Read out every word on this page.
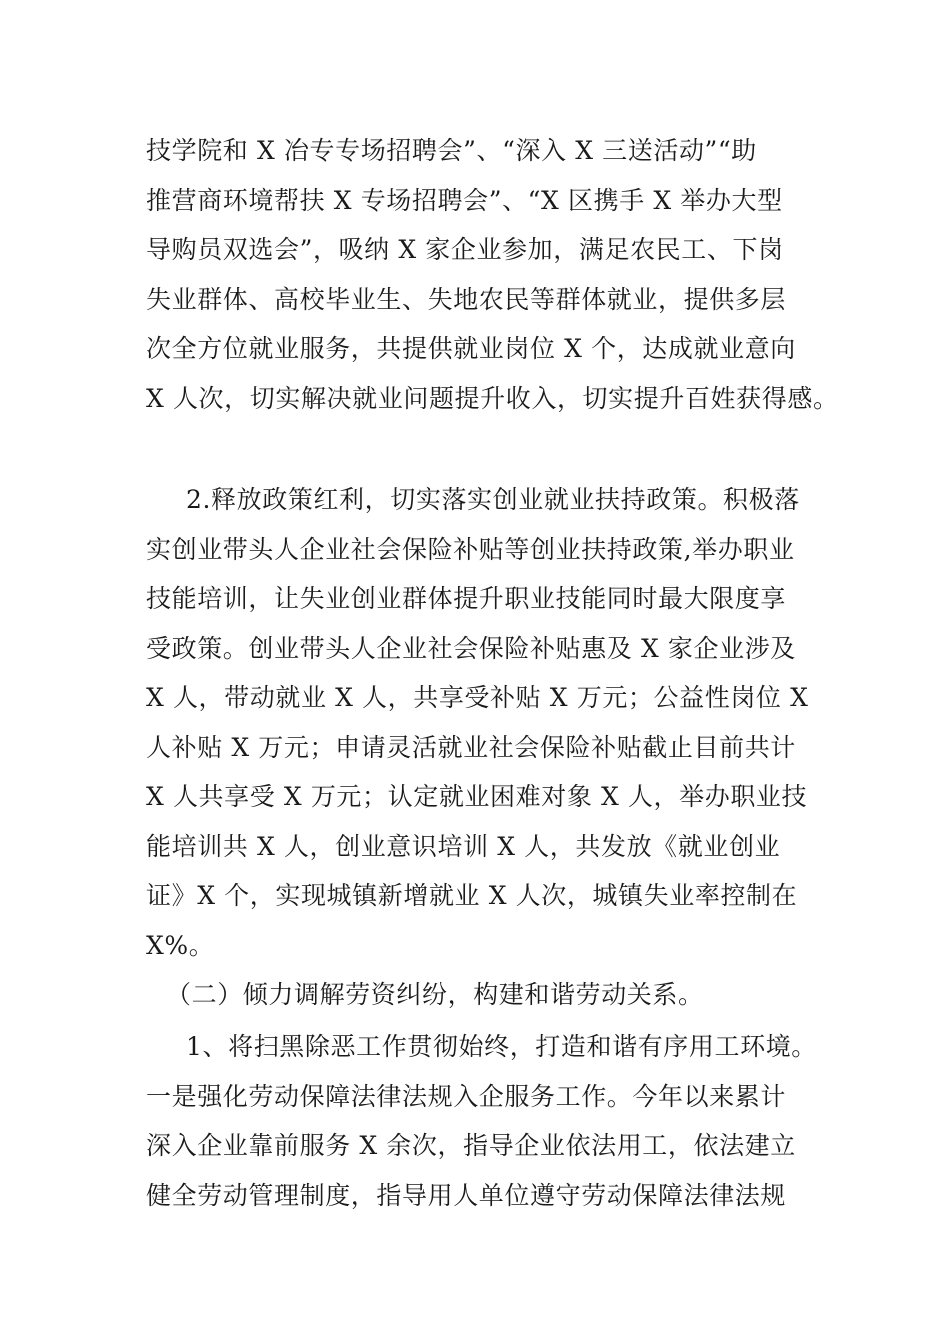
技学院和 X 冶专专场招聘会”、“深入 X 三送活动”“助
推营商环境帮扶 X 专场招聘会”、“X 区携手 X 举办大型
导购员双选会”，吸纳 X 家企业参加，满足农民工、下岗
失业群体、高校毕业生、失地农民等群体就业，提供多层
次全方位就业服务，共提供就业岗位 X 个，达成就业意向
X 人次，切实解决就业问题提升收入，切实提升百姓获得感。
2.释放政策红利，切实落实创业就业扶持政策。积极落
实创业带头人企业社会保险补贴等创业扶持政策,举办职业
技能培训，让失业创业群体提升职业技能同时最大限度享
受政策。创业带头人企业社会保险补贴惠及 X 家企业涉及
X 人，带动就业 X 人，共享受补贴 X 万元；公益性岗位 X
人补贴 X 万元；申请灵活就业社会保险补贴截止目前共计
X 人共享受 X 万元；认定就业困难对象 X 人，举办职业技
能培训共 X 人，创业意识培训 X 人，共发放《就业创业
证》X 个，实现城镇新增就业 X 人次，城镇失业率控制在
X%。
（二）倾力调解劳资纠纷，构建和谐劳动关系。
1、将扫黑除恶工作贯彻始终，打造和谐有序用工环境。
一是强化劳动保障法律法规入企服务工作。今年以来累计
深入企业靠前服务 X 余次，指导企业依法用工，依法建立
健全劳动管理制度，指导用人单位遵守劳动保障法律法规
